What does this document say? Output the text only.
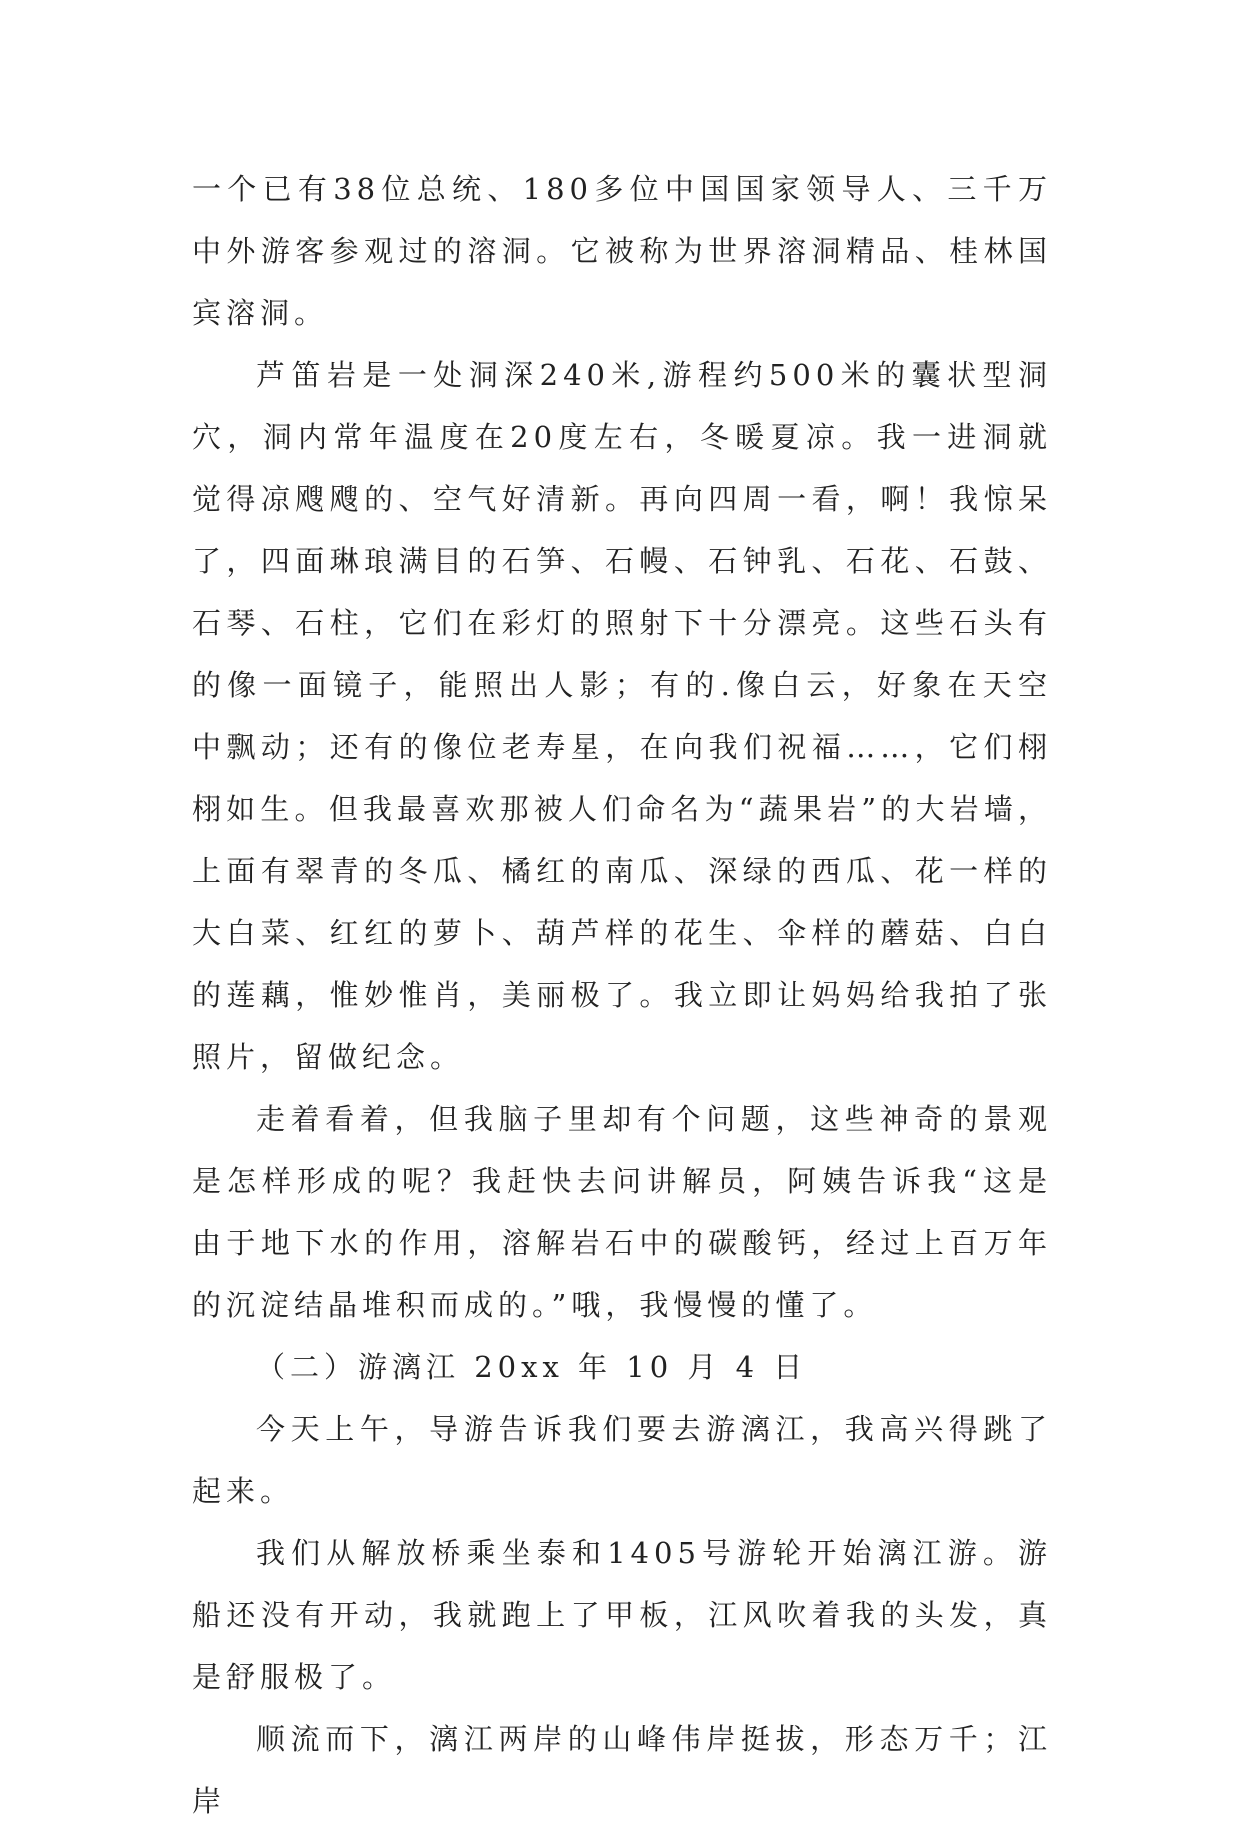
一个已有38位总统、180多位中国国家领导人、三千万中外游客参观过的溶洞。它被称为世界溶洞精品、桂林国宾溶洞。

芦笛岩是一处洞深240米,游程约500米的囊状型洞穴，洞内常年温度在20度左右，冬暖夏凉。我一进洞就觉得凉飕飕的、空气好清新。再向四周一看，啊！我惊呆了，四面琳琅满目的石笋、石幔、石钟乳、石花、石鼓、石琴、石柱，它们在彩灯的照射下十分漂亮。这些石头有的像一面镜子，能照出人影；有的.像白云，好象在天空中飘动；还有的像位老寿星，在向我们祝福……，它们栩栩如生。但我最喜欢那被人们命名为“蔬果岩”的大岩墙，上面有翠青的冬瓜、橘红的南瓜、深绿的西瓜、花一样的大白菜、红红的萝卜、葫芦样的花生、伞样的蘑菇、白白的莲藕，惟妙惟肖，美丽极了。我立即让妈妈给我拍了张照片，留做纪念。

走着看着，但我脑子里却有个问题，这些神奇的景观是怎样形成的呢？我赶快去问讲解员，阿姨告诉我“这是由于地下水的作用，溶解岩石中的碳酸钙，经过上百万年的沉淀结晶堆积而成的。”哦，我慢慢的懂了。

（二）游漓江 20xx 年 10 月 4 日

今天上午，导游告诉我们要去游漓江，我高兴得跳了起来。

我们从解放桥乘坐泰和1405号游轮开始漓江游。游船还没有开动，我就跑上了甲板，江风吹着我的头发，真是舒服极了。

顺流而下，漓江两岸的山峰伟岸挺拔，形态万千；江岸
